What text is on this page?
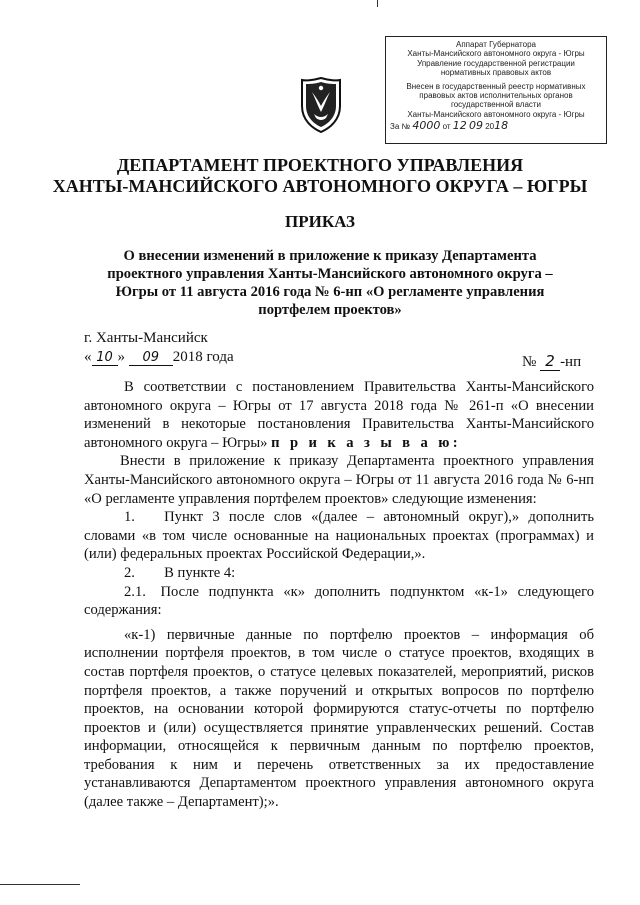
Аппарат Губернатора
Ханты-Мансийского автономного округа - Югры
Управление государственной регистрации
нормативных правовых актов
Внесен в государственный реестр нормативных
правовых актов исполнительных органов
государственной власти
Ханты-Мансийского автономного округа - Югры
За № 4000 от 12 09 2018
ДЕПАРТАМЕНТ ПРОЕКТНОГО УПРАВЛЕНИЯ
ХАНТЫ-МАНСИЙСКОГО АВТОНОМНОГО ОКРУГА – ЮГРЫ
ПРИКАЗ
О внесении изменений в приложение к приказу Департамента проектного управления Ханты-Мансийского автономного округа – Югры от 11 августа 2016 года № 6-нп «О регламенте управления портфелем проектов»
г. Ханты-Мансийск
« 10 » 09 2018 года	№ 2 -нп

В соответствии с постановлением Правительства Ханты-Мансийского автономного округа – Югры от 17 августа 2018 года № 261-п «О внесении изменений в некоторые постановления Правительства Ханты-Мансийского автономного округа – Югры» п р и к а з ы в а ю:

Внести в приложение к приказу Департамента проектного управления Ханты-Мансийского автономного округа – Югры от 11 августа 2016 года № 6-нп «О регламенте управления портфелем проектов» следующие изменения:

1.  Пункт 3 после слов «(далее – автономный округ),» дополнить словами «в том числе основанные на национальных проектах (программах) и (или) федеральных проектах Российской Федерации,».

2.  В пункте 4:

2.1. После подпункта «к» дополнить подпунктом «к-1» следующего содержания:

«к-1) первичные данные по портфелю проектов – информация об исполнении портфеля проектов, в том числе о статусе проектов, входящих в состав портфеля проектов, о статусе целевых показателей, мероприятий, рисков портфеля проектов, а также поручений и открытых вопросов по портфелю проектов, на основании которой формируются статус-отчеты по портфелю проектов и (или) осуществляется принятие управленческих решений. Состав информации, относящейся к первичным данным по портфелю проектов, требования к ним и перечень ответственных за их предоставление устанавливаются Департаментом проектного управления автономного округа (далее также – Департамент);».
